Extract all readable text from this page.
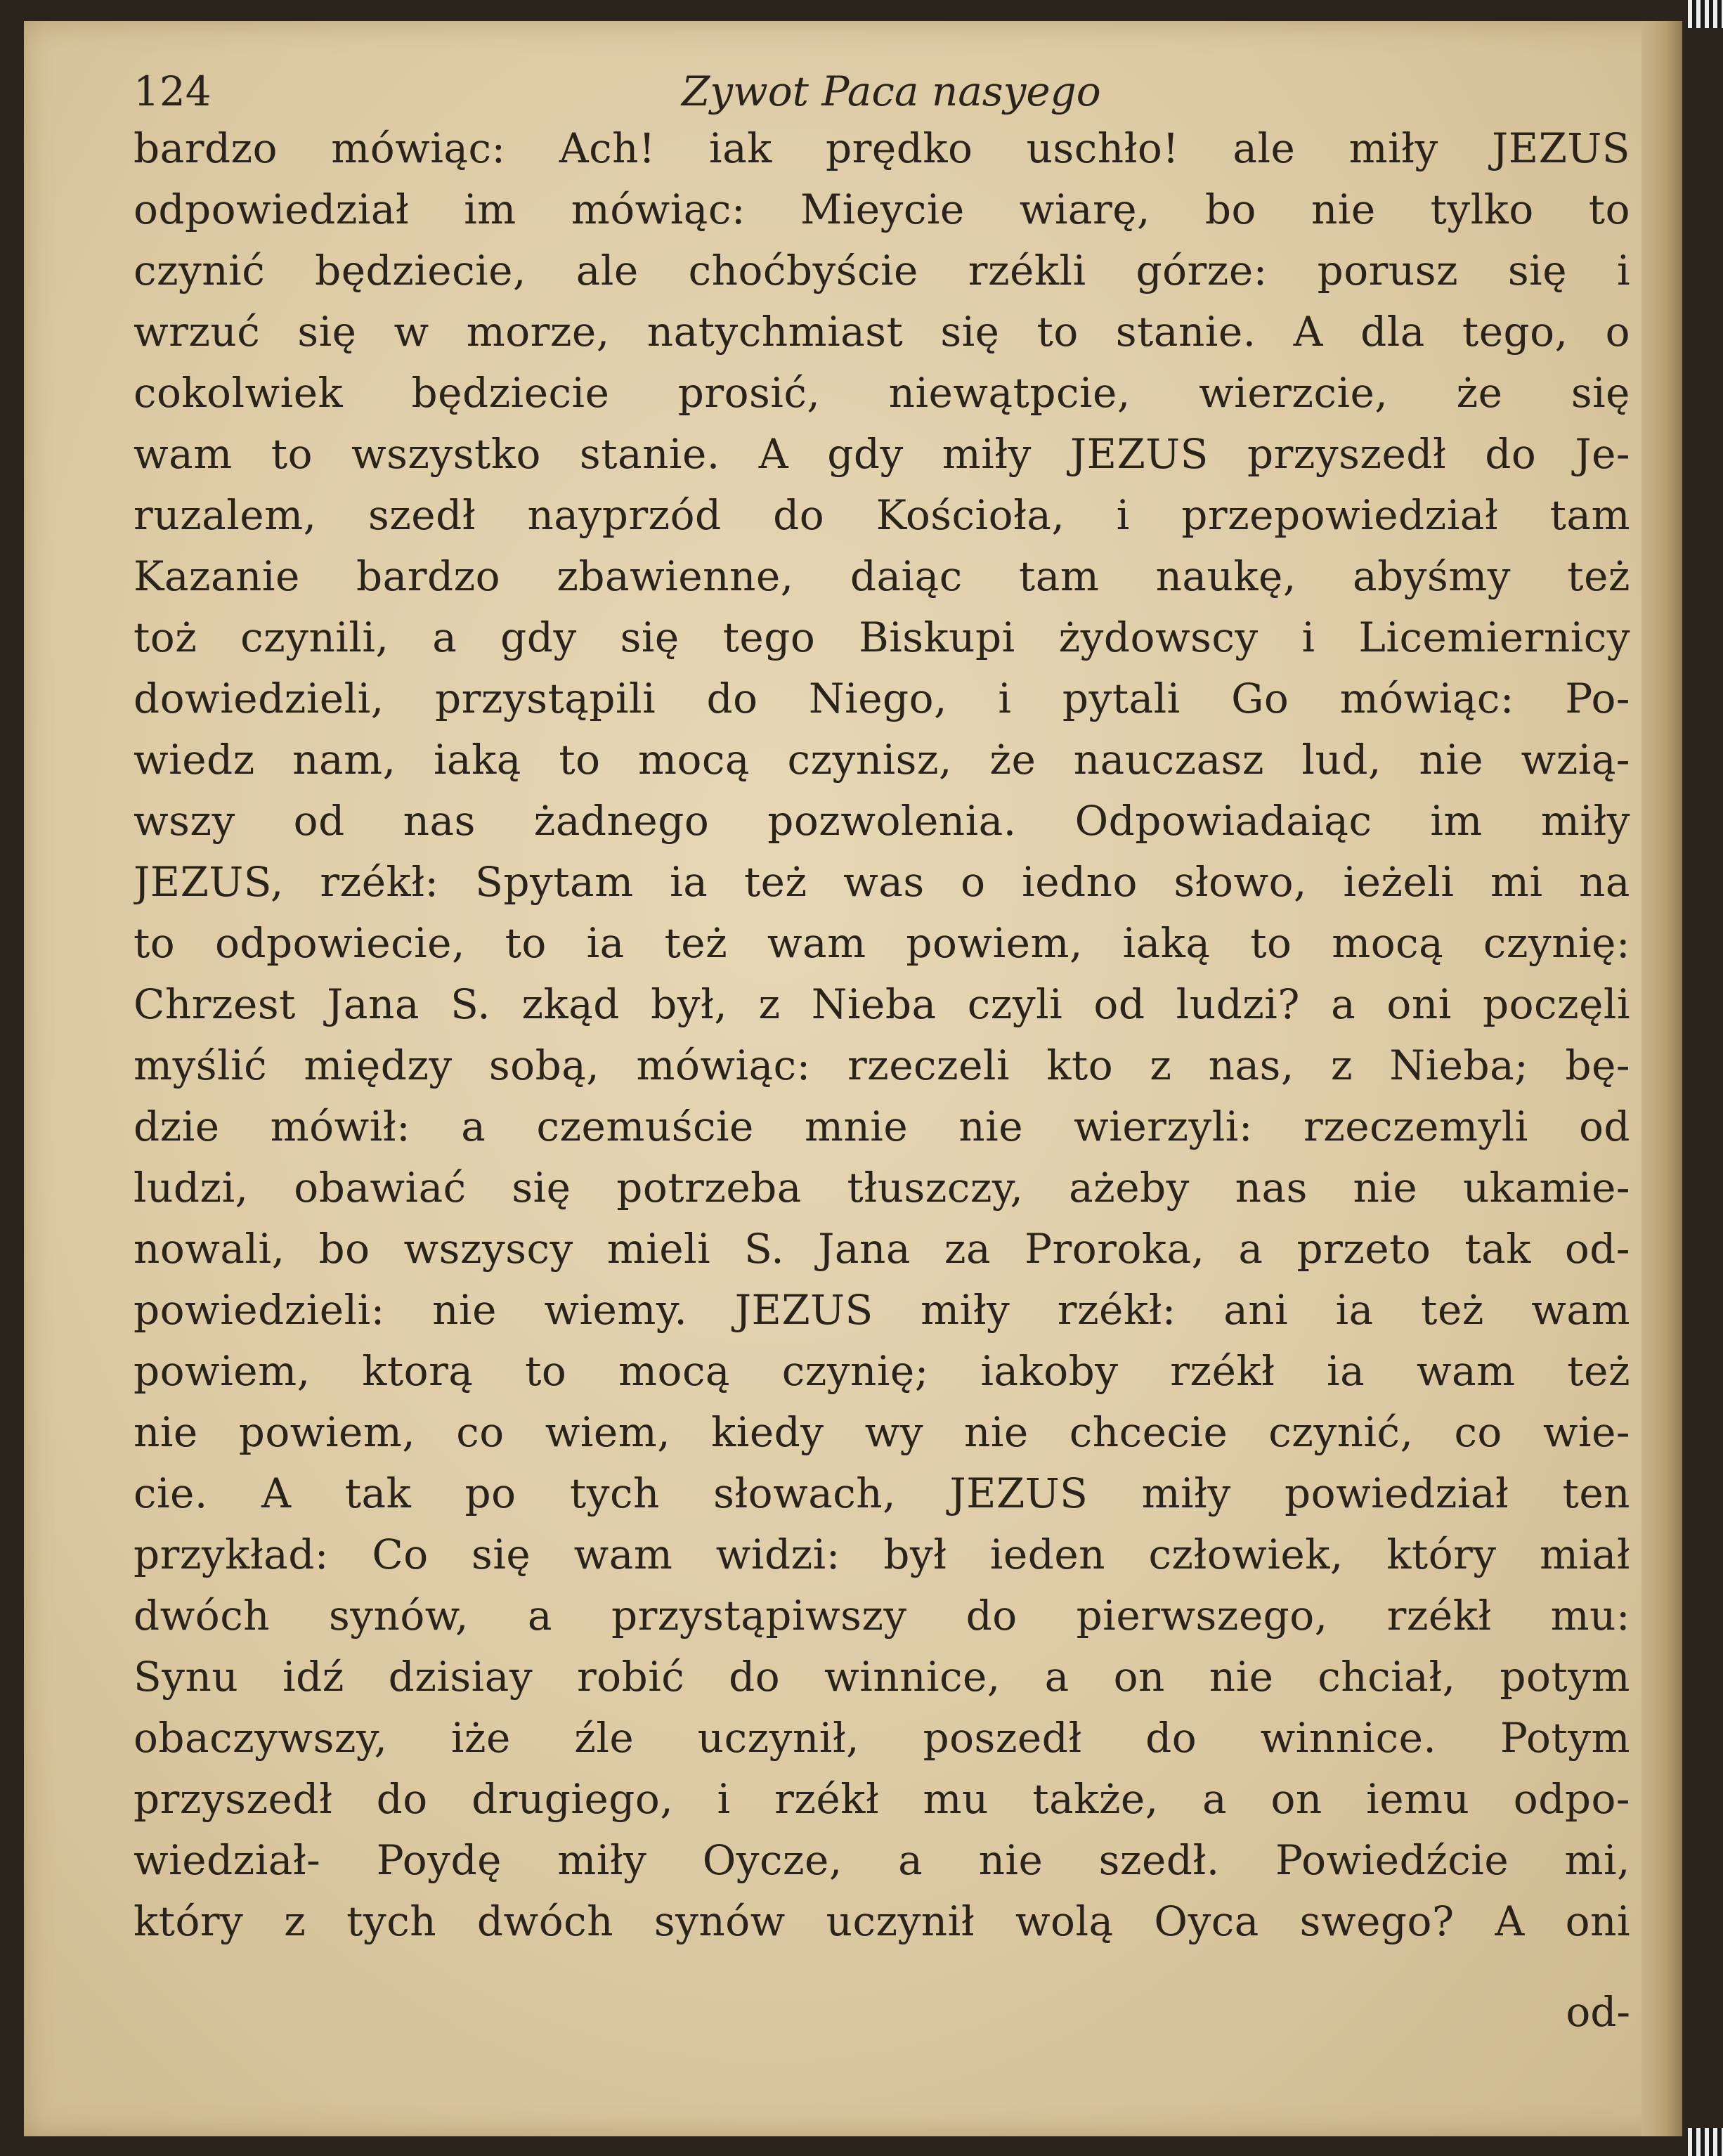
124	Zywot Paca nasyego
bardzo mówiąc: Ach! iak prędko uschło! ale miły JEZUS
odpowiedział im mówiąc: Mieycie wiarę, bo nie tylko to
czynić będziecie, ale choćbyście rzékli górze: porusz się i
wrzuć się w morze, natychmiast się to stanie. A dla tego, o
cokolwiek będziecie prosić, niewątpcie, wierzcie, że się
wam to wszystko stanie. A gdy miły JEZUS przyszedł do Je-
ruzalem, szedł nayprzód do Kościoła, i przepowiedział tam
Kazanie bardzo zbawienne, daiąc tam naukę, abyśmy też
toż czynili, a gdy się tego Biskupi żydowscy i Licemiernicy
dowiedzieli, przystąpili do Niego, i pytali Go mówiąc: Po-
wiedz nam, iaką to mocą czynisz, że nauczasz lud, nie wzią-
wszy od nas żadnego pozwolenia. Odpowiadaiąc im miły
JEZUS, rzékł: Spytam ia też was o iedno słowo, ieżeli mi na
to odpowiecie, to ia też wam powiem, iaką to mocą czynię:
Chrzest Jana S. zkąd był, z Nieba czyli od ludzi? a oni poczęli
myślić między sobą, mówiąc: rzeczeli kto z nas, z Nieba; bę-
dzie mówił: a czemuście mnie nie wierzyli: rzeczemyli od
ludzi, obawiać się potrzeba tłuszczy, ażeby nas nie ukamie-
nowali, bo wszyscy mieli S. Jana za Proroka, a przeto tak od-
powiedzieli: nie wiemy. JEZUS miły rzékł: ani ia też wam
powiem, ktorą to mocą czynię; iakoby rzékł ia wam też
nie powiem, co wiem, kiedy wy nie chcecie czynić, co wie-
cie. A tak po tych słowach, JEZUS miły powiedział ten
przykład: Co się wam widzi: był ieden człowiek, który miał
dwóch synów, a przystąpiwszy do pierwszego, rzékł mu:
Synu idź dzisiay robić do winnice, a on nie chciał, potym
obaczywszy, iże źle uczynił, poszedł do winnice. Potym
przyszedł do drugiego, i rzékł mu także, a on iemu odpo-
wiedział- Poydę miły Oycze, a nie szedł. Powiedźcie mi,
który z tych dwóch synów uczynił wolą Oyca swego? A oni
od-
